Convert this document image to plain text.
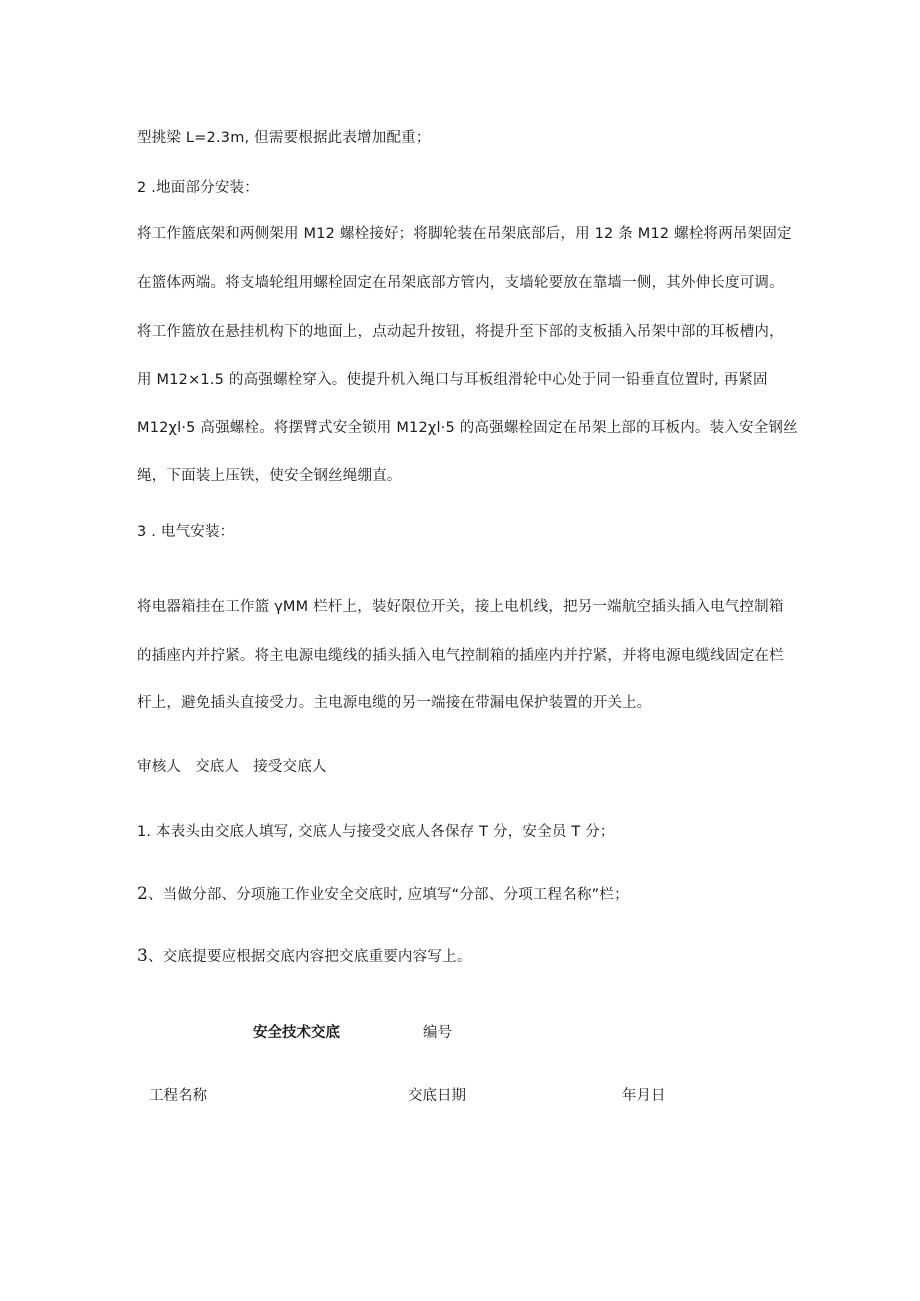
型挑梁 L=2.3m, 但需要根据此表增加配重；
2 .地面部分安装：
将工作篮底架和两侧架用 M12 螺栓接好；将脚轮装在吊架底部后，用 12 条 M12 螺栓将两吊架固定
在篮体两端。将支墙轮组用螺栓固定在吊架底部方管内，支墙轮要放在靠墙一侧，其外伸长度可调。
将工作篮放在悬挂机构下的地面上，点动起升按钮，将提升至下部的支板插入吊架中部的耳板槽内，
用 M12×1.5 的高强螺栓穿入。使提升机入绳口与耳板组滑轮中心处于同一铅垂直位置时, 再紧固
M12χl·5 高强螺栓。将摆臂式安全锁用 M12χl·5 的高强螺栓固定在吊架上部的耳板内。装入安全钢丝
绳，下面装上压铁，使安全钢丝绳绷直。
3 . 电气安装：
将电器箱挂在工作篮 γMM 栏杆上，装好限位开关，接上电机线，把另一端航空插头插入电气控制箱
的插座内并拧紧。将主电源电缆线的插头插入电气控制箱的插座内并拧紧，并将电源电缆线固定在栏
杆上，避免插头直接受力。主电源电缆的另一端接在带漏电保护装置的开关上。
审核人 交底人 接受交底人
1. 本表头由交底人填写, 交底人与接受交底人各保存 T 分，安全员 T 分；
2、当做分部、分项施工作业安全交底时, 应填写“分部、分项工程名称”栏；
3、交底提要应根据交底内容把交底重要内容写上。
安全技术交底	编号
工程名称	交底日期	年月日
